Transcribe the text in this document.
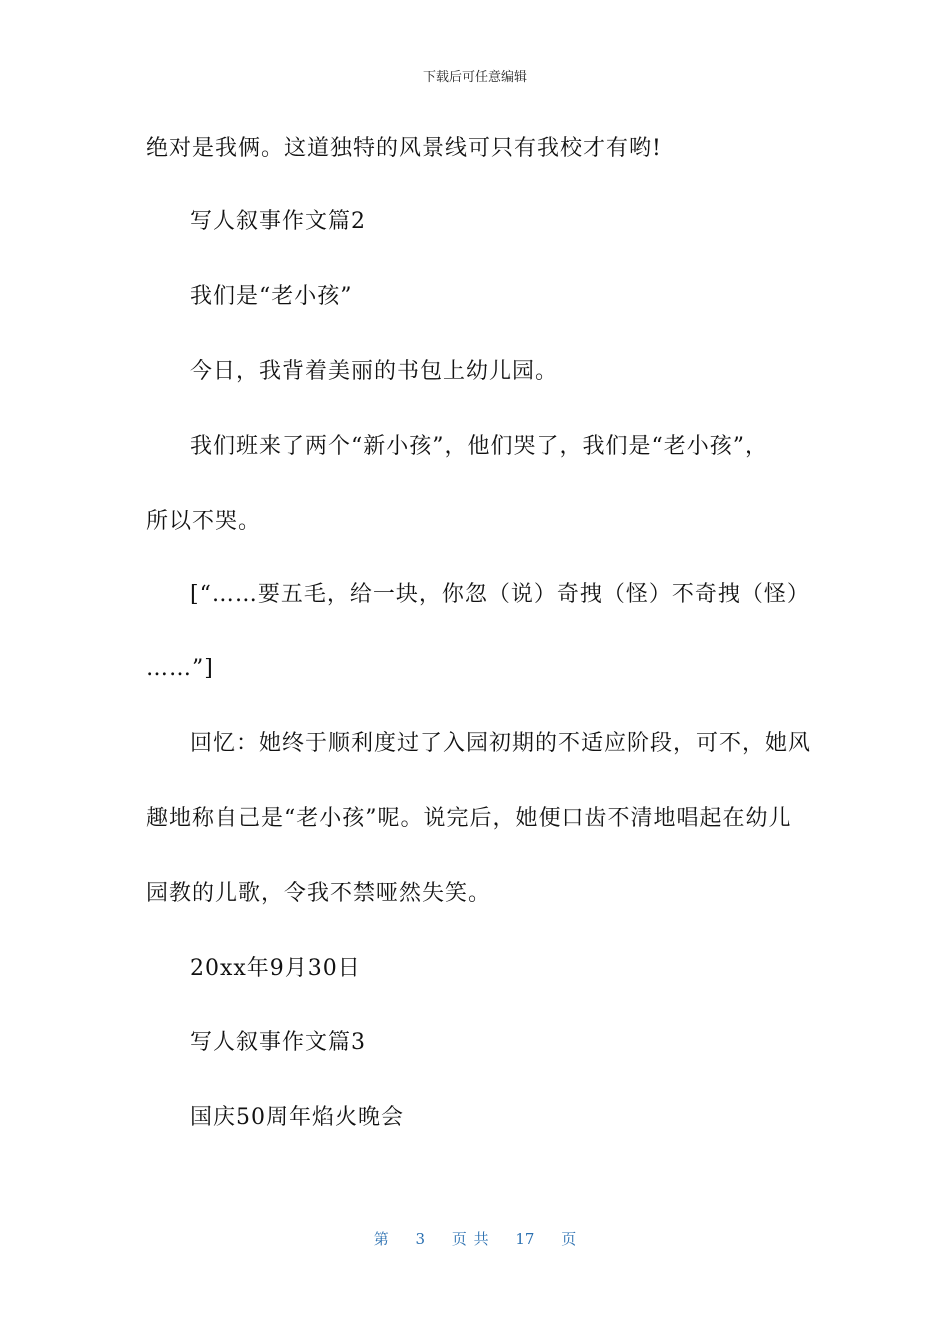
下载后可任意编辑
绝对是我俩。这道独特的风景线可只有我校才有哟!
写人叙事作文篇2
我们是“老小孩”
今日，我背着美丽的书包上幼儿园。
我们班来了两个“新小孩”，他们哭了，我们是“老小孩”，
所以不哭。
[“……要五毛，给一块，你忽（说）奇拽（怪）不奇拽（怪）
……”]
回忆：她终于顺利度过了入园初期的不适应阶段，可不，她风
趣地称自己是“老小孩”呢。说完后，她便口齿不清地唱起在幼儿
园教的儿歌，令我不禁哑然失笑。
20xx年9月30日
写人叙事作文篇3
国庆50周年焰火晚会
第 3 页 共 17 页
